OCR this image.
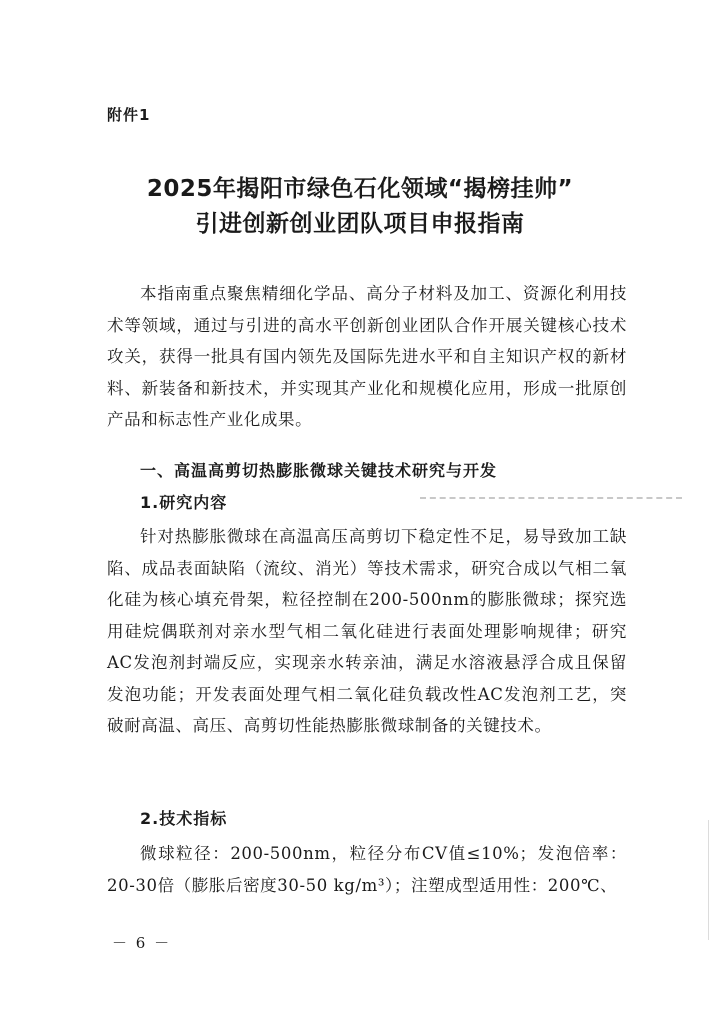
附件1
2025年揭阳市绿色石化领域“揭榜挂帅”
引进创新创业团队项目申报指南
本指南重点聚焦精细化学品、高分子材料及加工、资源化利用技术等领域，通过与引进的高水平创新创业团队合作开展关键核心技术攻关，获得一批具有国内领先及国际先进水平和自主知识产权的新材料、新装备和新技术，并实现其产业化和规模化应用，形成一批原创产品和标志性产业化成果。
一、高温高剪切热膨胀微球关键技术研究与开发
1.研究内容
针对热膨胀微球在高温高压高剪切下稳定性不足，易导致加工缺陷、成品表面缺陷（流纹、消光）等技术需求，研究合成以气相二氧化硅为核心填充骨架，粒径控制在200-500nm的膨胀微球；探究选用硅烷偶联剂对亲水型气相二氧化硅进行表面处理影响规律；研究AC发泡剂封端反应，实现亲水转亲油，满足水溶液悬浮合成且保留发泡功能；开发表面处理气相二氧化硅负载改性AC发泡剂工艺，突破耐高温、高压、高剪切性能热膨胀微球制备的关键技术。
2.技术指标
微球粒径：200-500nm，粒径分布CV值≤10%；发泡倍率：20-30倍（膨胀后密度30-50 kg/m³）；注塑成型适用性：200℃、
－ 6 －
